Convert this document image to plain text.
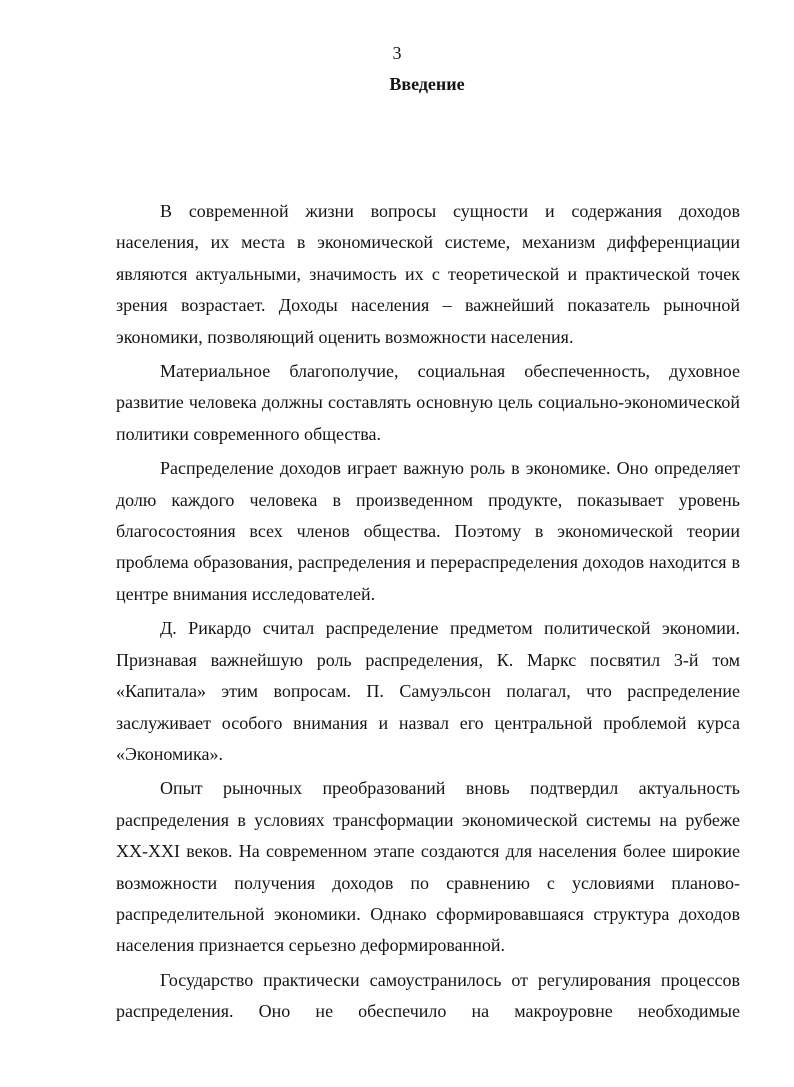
3
Введение

В современной жизни вопросы сущности и содержания доходов населения, их места в экономической системе, механизм дифференциации являются актуальными, значимость их с теоретической и практической точек зрения возрастает. Доходы населения – важнейший показатель рыночной экономики, позволяющий оценить возможности населения.

Материальное благополучие, социальная обеспеченность, духовное развитие человека должны составлять основную цель социально-экономической политики современного общества.

Распределение доходов играет важную роль в экономике. Оно определяет долю каждого человека в произведенном продукте, показывает уровень благосостояния всех членов общества. Поэтому в экономической теории проблема образования, распределения и перераспределения доходов находится в центре внимания исследователей.

Д. Рикардо считал распределение предметом политической экономии. Признавая важнейшую роль распределения, К. Маркс посвятил 3-й том «Капитала» этим вопросам. П. Самуэльсон полагал, что распределение заслуживает особого внимания и назвал его центральной проблемой курса «Экономика».

Опыт рыночных преобразований вновь подтвердил актуальность распределения в условиях трансформации экономической системы на рубеже XX-XXI веков. На современном этапе создаются для населения более широкие возможности получения доходов по сравнению с условиями планово-распределительной экономики. Однако сформировавшаяся структура доходов населения признается серьезно деформированной.

Государство практически самоустранилось от регулирования процессов распределения. Оно не обеспечило на макроуровне необходимые
